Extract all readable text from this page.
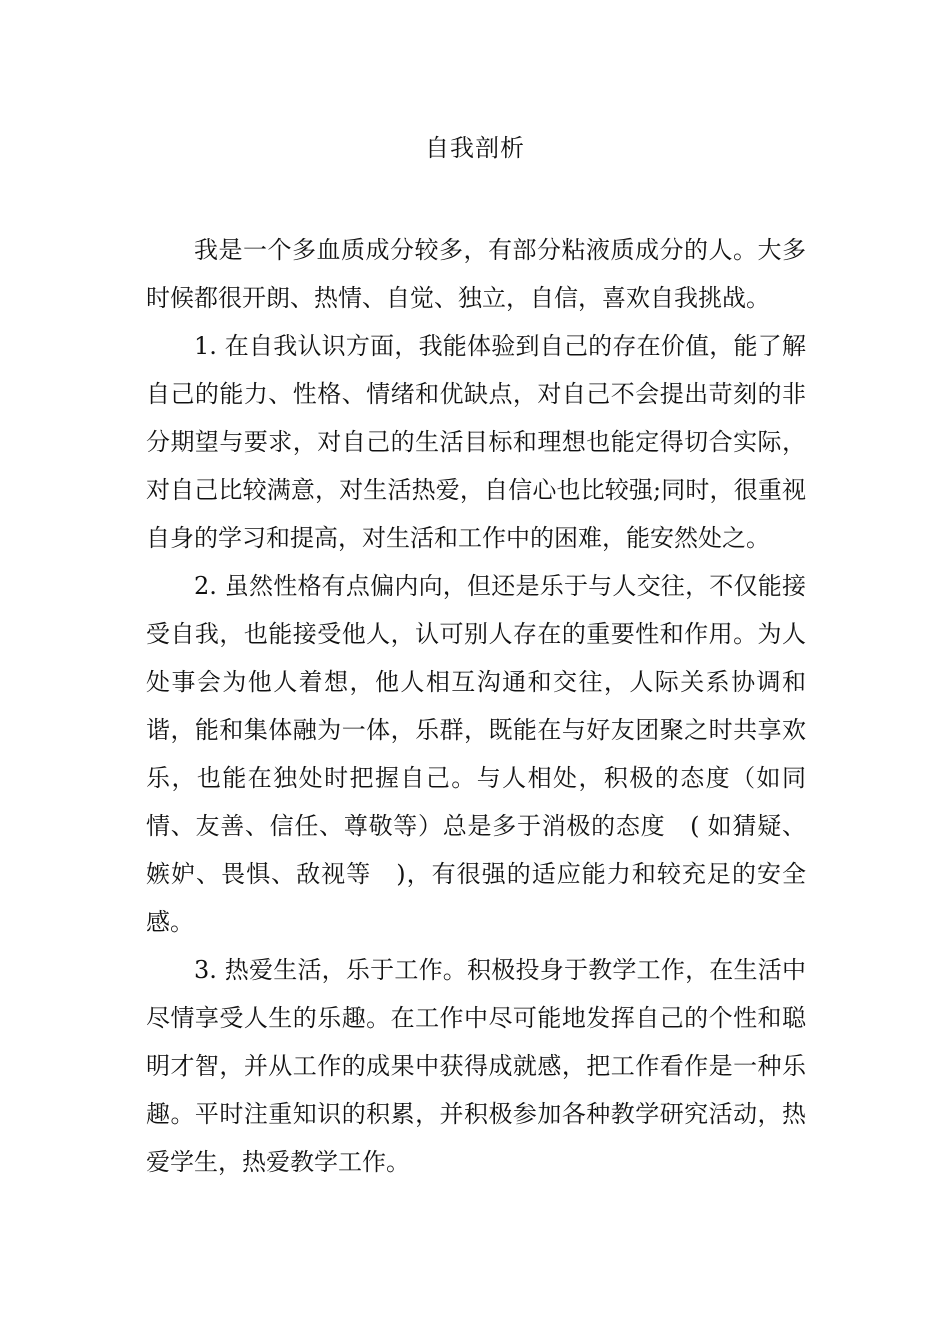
自我剖析

我是一个多血质成分较多，有部分粘液质成分的人。大多时候都很开朗、热情、自觉、独立，自信，喜欢自我挑战。

1. 在自我认识方面，我能体验到自己的存在价值，能了解自己的能力、性格、情绪和优缺点，对自己不会提出苛刻的非分期望与要求，对自己的生活目标和理想也能定得切合实际，对自己比较满意，对生活热爱，自信心也比较强;同时，很重视自身的学习和提高，对生活和工作中的困难，能安然处之。

2. 虽然性格有点偏内向，但还是乐于与人交往，不仅能接受自我，也能接受他人，认可别人存在的重要性和作用。为人处事会为他人着想，他人相互沟通和交往，人际关系协调和谐，能和集体融为一体，乐群，既能在与好友团聚之时共享欢乐，也能在独处时把握自己。与人相处，积极的态度（如同情、友善、信任、尊敬等）总是多于消极的态度　( 如猜疑、嫉妒、畏惧、敌视等　)，有很强的适应能力和较充足的安全感。

3. 热爱生活，乐于工作。积极投身于教学工作，在生活中尽情享受人生的乐趣。在工作中尽可能地发挥自己的个性和聪明才智，并从工作的成果中获得成就感，把工作看作是一种乐趣。平时注重知识的积累，并积极参加各种教学研究活动，热爱学生，热爱教学工作。
